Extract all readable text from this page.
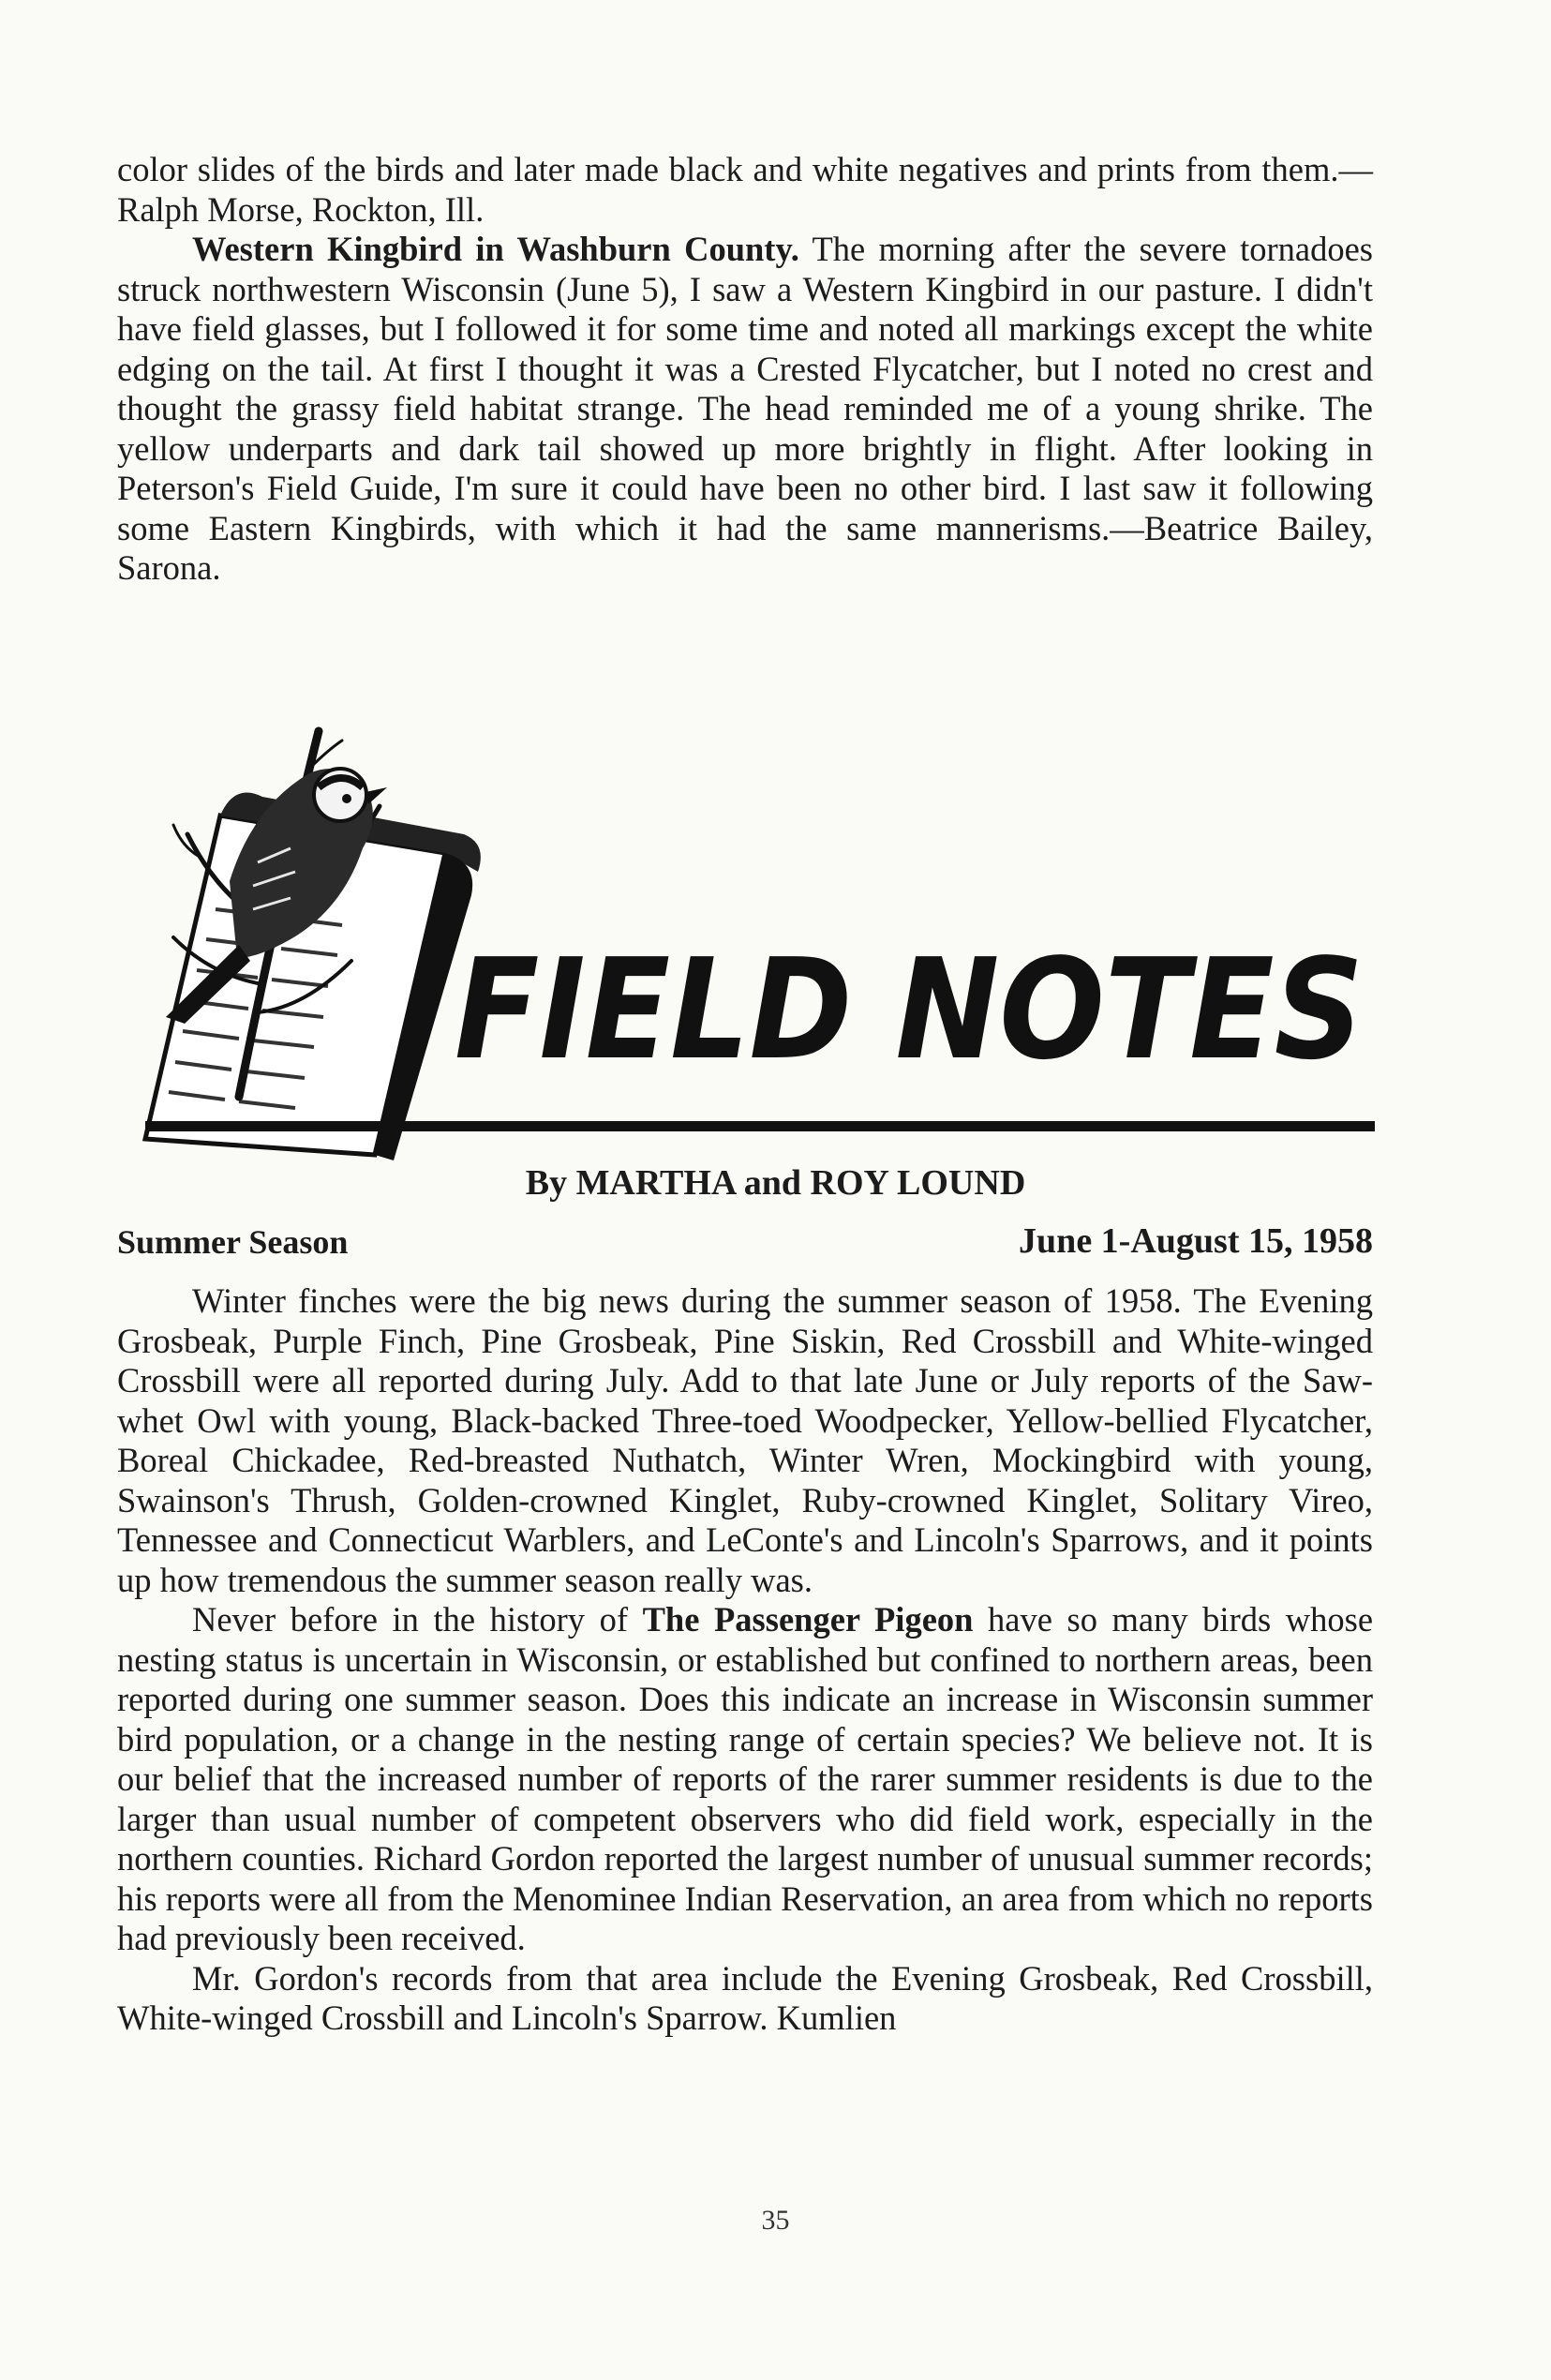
color slides of the birds and later made black and white negatives and prints from them.—Ralph Morse, Rockton, Ill.

Western Kingbird in Washburn County. The morning after the severe tornadoes struck northwestern Wisconsin (June 5), I saw a Western Kingbird in our pasture. I didn't have field glasses, but I followed it for some time and noted all markings except the white edging on the tail. At first I thought it was a Crested Flycatcher, but I noted no crest and thought the grassy field habitat strange. The head reminded me of a young shrike. The yellow underparts and dark tail showed up more brightly in flight. After looking in Peterson's Field Guide, I'm sure it could have been no other bird. I last saw it following some Eastern Kingbirds, with which it had the same mannerisms.—Beatrice Bailey, Sarona.

FIELD NOTES
By MARTHA and ROY LOUND
Summer Season	June 1-August 15, 1958

Winter finches were the big news during the summer season of 1958. The Evening Grosbeak, Purple Finch, Pine Grosbeak, Pine Siskin, Red Crossbill and White-winged Crossbill were all reported during July. Add to that late June or July reports of the Saw-whet Owl with young, Black-backed Three-toed Woodpecker, Yellow-bellied Flycatcher, Boreal Chickadee, Red-breasted Nuthatch, Winter Wren, Mockingbird with young, Swainson's Thrush, Golden-crowned Kinglet, Ruby-crowned Kinglet, Solitary Vireo, Tennessee and Connecticut Warblers, and LeConte's and Lincoln's Sparrows, and it points up how tremendous the summer season really was.

Never before in the history of The Passenger Pigeon have so many birds whose nesting status is uncertain in Wisconsin, or established but confined to northern areas, been reported during one summer season. Does this indicate an increase in Wisconsin summer bird population, or a change in the nesting range of certain species? We believe not. It is our belief that the increased number of reports of the rarer summer residents is due to the larger than usual number of competent observers who did field work, especially in the northern counties. Richard Gordon reported the largest number of unusual summer records; his reports were all from the Menominee Indian Reservation, an area from which no reports had previously been received.

Mr. Gordon's records from that area include the Evening Grosbeak, Red Crossbill, White-winged Crossbill and Lincoln's Sparrow. Kumlien

35
